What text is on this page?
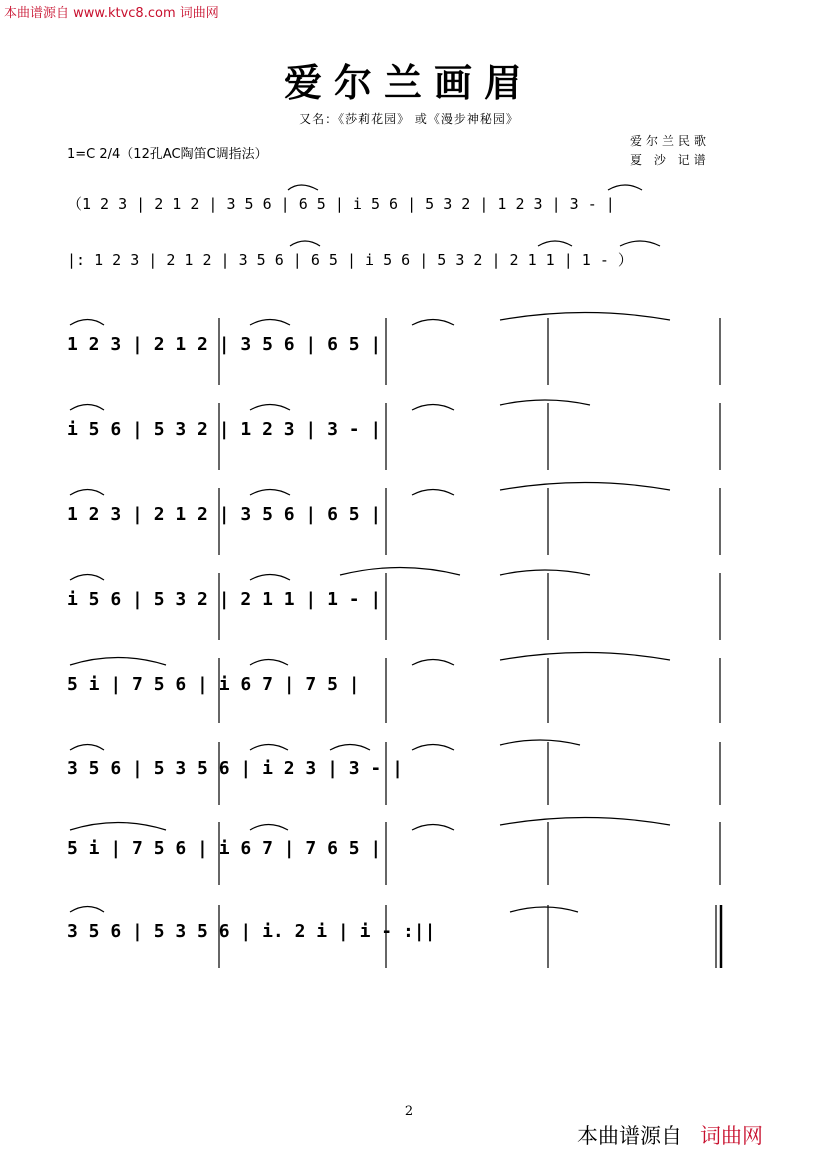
本曲谱源自 www.ktvc8.com 词曲网
爱尔兰画眉
又名：《莎莉花园》 或《漫步神秘园》
1=C 2/4（12孔AC陶笛C调指法）
爱尔兰民歌
夏 沙 记谱
（1 2 3 | 2 1 2 | 3 5 6 | 6 5 | i 5 6 | 5 3 2 | 1 2 3 | 3 - |
|: 1 2 3 | 2 1 2 | 3 5 6 | 6 5 | i 5 6 | 5 3 2 | 2 1 1 | 1 - ）
1 2 3 | 2 1 2 | 3 5 6 | 6 5 |
i 5 6 | 5 3 2 | 1 2 3 | 3 - |
1 2 3 | 2 1 2 | 3 5 6 | 6 5 |
i 5 6 | 5 3 2 | 2 1 1 | 1 - |
5 i | 7 5 6 | i 6 7 | 7 5 |
3 5 6 | 5 3 5 6 | i 2 3 | 3 - |
5 i | 7 5 6 | i 6 7 | 7 6 5 |
3 5 6 | 5 3 5 6 | i. 2 i | i - :||
2
本曲谱源自 词曲网
